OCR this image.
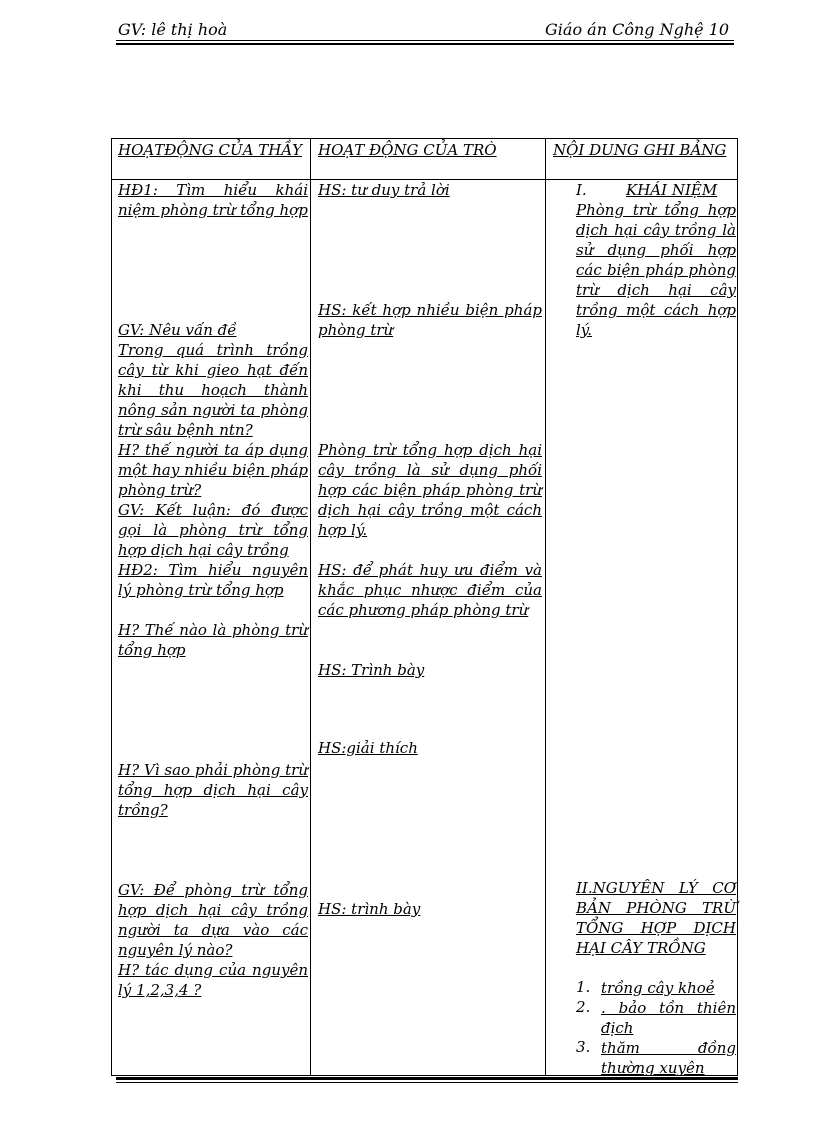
GV: lê thị hoà	Giáo án Công Nghệ 10
HOẠTĐỘNG CỦA THẦY
HĐ1: Tìm hiểu khái niệm phòng trừ tổng hợp
GV: Nêu vấn đề
Trong quá trình trồng cây từ khi gieo hạt đến khi thu hoạch thành nông sản người ta phòng trừ sâu bệnh ntn?
H? thế người ta áp dụng một hay nhiều biện pháp phòng trừ?
GV: Kết luận: đó được gọi là phòng trừ tổng hợp dịch hại cây trồng
HĐ2: Tìm hiểu nguyên lý phòng trừ tổng hợp
H? Thế nào là phòng trừ tổng hợp
H? Vì sao phải phòng trừ tổng hợp dịch hại cây trồng?
GV: Để phòng trừ tổng hợp dịch hại cây trồng người ta dựa vào các nguyên lý nào?
H? tác dụng của nguyên lý 1,2,3,4 ?
HOẠT ĐỘNG CỦA TRÒ
HS: tư duy trả lời
HS: kết hợp nhiều biện pháp phòng trừ
Phòng trừ tổng hợp dịch hại cây trồng là sử dụng phối hợp các biện pháp phòng trừ dịch hại cây trồng một cách hợp lý.
HS: để phát huy ưu điểm và khắc phục nhược điểm của các phương pháp phòng trừ
HS: Trình bày
HS:giải thích
HS: trình bày
NỘI DUNG GHI BẢNG
I.	KHÁI NIỆM
Phòng trừ tổng hợp dịch hại cây trồng là sử dụng phối hợp các biện pháp phòng trừ dịch hại cây trồng một cách hợp lý.
II.NGUYÊN LÝ CƠ BẢN PHÒNG TRỪ TỔNG HỢP DỊCH HẠI CÂY TRỒNG
1. trồng cây khoẻ
2. . bảo tồn thiên địch
3. thăm đồng thường xuyên
